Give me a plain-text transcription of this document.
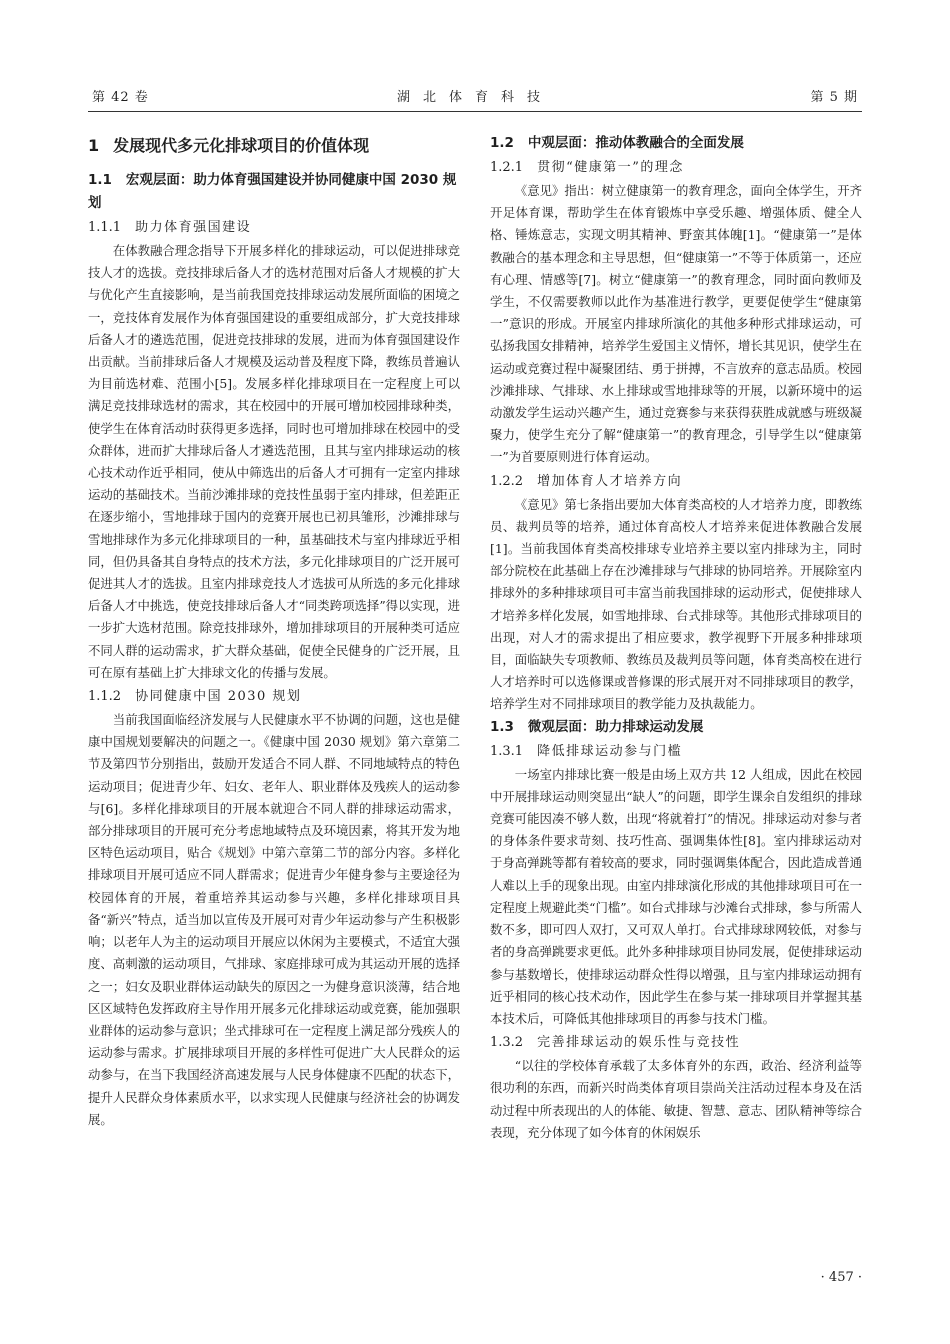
第 42 卷	湖北体育科技	第 5 期
1 发展现代多元化排球项目的价值体现
1.1 宏观层面：助力体育强国建设并协同健康中国 2030 规划
1.1.1 助力体育强国建设

在体教融合理念指导下开展多样化的排球运动，可以促进排球竞技人才的选拔。竞技排球后备人才的选材范围对后备人才规模的扩大与优化产生直接影响，是当前我国竞技排球运动发展所面临的困境之一，竞技体育发展作为体育强国建设的重要组成部分，扩大竞技排球后备人才的遴选范围，促进竞技排球的发展，进而为体育强国建设作出贡献。当前排球后备人才规模及运动普及程度下降，教练员普遍认为目前选材难、范围小[5]。发展多样化排球项目在一定程度上可以满足竞技排球选材的需求，其在校园中的开展可增加校园排球种类，使学生在体育活动时获得更多选择，同时也可增加排球在校园中的受众群体，进而扩大排球后备人才遴选范围，且其与室内排球运动的核心技术动作近乎相同，使从中筛选出的后备人才可拥有一定室内排球运动的基础技术。当前沙滩排球的竞技性虽弱于室内排球，但差距正在逐步缩小，雪地排球于国内的竞赛开展也已初具雏形，沙滩排球与雪地排球作为多元化排球项目的一种，虽基础技术与室内排球近乎相同，但仍具备其自身特点的技术方法，多元化排球项目的广泛开展可促进其人才的选拔。且室内排球竞技人才选拔可从所选的多元化排球后备人才中挑选，使竞技排球后备人才“同类跨项选择”得以实现，进一步扩大选材范围。除竞技排球外，增加排球项目的开展种类可适应不同人群的运动需求，扩大群众基础，促使全民健身的广泛开展，且可在原有基础上扩大排球文化的传播与发展。

1.1.2 协同健康中国 2030 规划

当前我国面临经济发展与人民健康水平不协调的问题，这也是健康中国规划要解决的问题之一。《健康中国 2030 规划》第六章第二节及第四节分别指出，鼓励开发适合不同人群、不同地域特点的特色运动项目；促进青少年、妇女、老年人、职业群体及残疾人的运动参与[6]。多样化排球项目的开展本就迎合不同人群的排球运动需求，部分排球项目的开展可充分考虑地域特点及环境因素，将其开发为地区特色运动项目，贴合《规划》中第六章第二节的部分内容。多样化排球项目开展可适应不同人群需求；促进青少年健身参与主要途径为校园体育的开展，着重培养其运动参与兴趣，多样化排球项目具备“新兴”特点，适当加以宣传及开展可对青少年运动参与产生积极影响；以老年人为主的运动项目开展应以休闲为主要模式，不适宜大强度、高刺激的运动项目，气排球、家庭排球可成为其运动开展的选择之一；妇女及职业群体运动缺失的原因之一为健身意识淡薄，结合地区区域特色发挥政府主导作用开展多元化排球运动或竞赛，能加强职业群体的运动参与意识；坐式排球可在一定程度上满足部分残疾人的运动参与需求。扩展排球项目开展的多样性可促进广大人民群众的运动参与，在当下我国经济高速发展与人民身体健康不匹配的状态下，提升人民群众身体素质水平，以求实现人民健康与经济社会的协调发展。

1.2 中观层面：推动体教融合的全面发展
1.2.1 贯彻“健康第一”的理念

《意见》指出：树立健康第一的教育理念，面向全体学生，开齐开足体育课，帮助学生在体育锻炼中享受乐趣、增强体质、健全人格、锤炼意志，实现文明其精神、野蛮其体魄[1]。“健康第一”是体教融合的基本理念和主导思想，但“健康第一”不等于体质第一，还应有心理、情感等[7]。树立“健康第一”的教育理念，同时面向教师及学生，不仅需要教师以此作为基准进行教学，更要促使学生“健康第一”意识的形成。开展室内排球所演化的其他多种形式排球运动，可弘扬我国女排精神，培养学生爱国主义情怀，增长其见识，使学生在运动或竞赛过程中凝聚团结、勇于拼搏，不言放弃的意志品质。校园沙滩排球、气排球、水上排球或雪地排球等的开展，以新环境中的运动激发学生运动兴趣产生，通过竞赛参与来获得获胜成就感与班级凝聚力，使学生充分了解“健康第一”的教育理念，引导学生以“健康第一”为首要原则进行体育运动。

1.2.2 增加体育人才培养方向

《意见》第七条指出要加大体育类高校的人才培养力度，即教练员、裁判员等的培养，通过体育高校人才培养来促进体教融合发展[1]。当前我国体育类高校排球专业培养主要以室内排球为主，同时部分院校在此基础上存在沙滩排球与气排球的协同培养。开展除室内排球外的多种排球项目可丰富当前我国排球的运动形式，促使排球人才培养多样化发展，如雪地排球、台式排球等。其他形式排球项目的出现，对人才的需求提出了相应要求，教学视野下开展多种排球项目，面临缺失专项教师、教练员及裁判员等问题，体育类高校在进行人才培养时可以选修课或普修课的形式展开对不同排球项目的教学，培养学生对不同排球项目的教学能力及执裁能力。

1.3 微观层面：助力排球运动发展
1.3.1 降低排球运动参与门槛

一场室内排球比赛一般是由场上双方共 12 人组成，因此在校园中开展排球运动则突显出“缺人”的问题，即学生课余自发组织的排球竞赛可能因凑不够人数，出现“将就着打”的情况。排球运动对参与者的身体条件要求苛刻、技巧性高、强调集体性[8]。室内排球运动对于身高弹跳等都有着较高的要求，同时强调集体配合，因此造成普通人难以上手的现象出现。由室内排球演化形成的其他排球项目可在一定程度上规避此类“门槛”。如台式排球与沙滩台式排球，参与所需人数不多，即可四人双打，又可双人单打。台式排球球网较低，对参与者的身高弹跳要求更低。此外多种排球项目协同发展，促使排球运动参与基数增长，使排球运动群众性得以增强，且与室内排球运动拥有近乎相同的核心技术动作，因此学生在参与某一排球项目并掌握其基本技术后，可降低其他排球项目的再参与技术门槛。

1.3.2 完善排球运动的娱乐性与竞技性

“以往的学校体育承载了太多体育外的东西，政治、经济利益等很功利的东西，而新兴时尚类体育项目崇尚关注活动过程本身及在活动过程中所表现出的人的体能、敏捷、智慧、意志、团队精神等综合表现，充分体现了如今体育的休闲娱乐

· 457 ·
